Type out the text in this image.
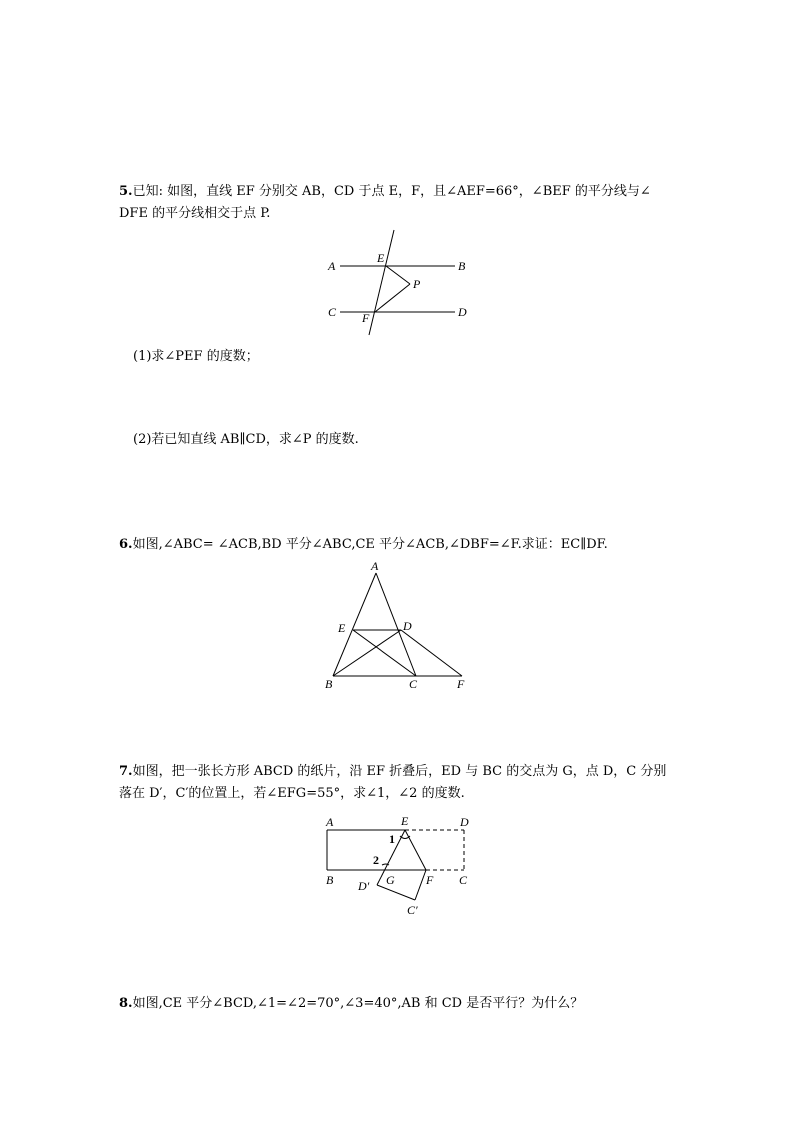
5.已知: 如图，直线 EF 分别交 AB，CD 于点 E，F，且∠AEF=66°，∠BEF 的平分线与∠
DFE 的平分线相交于点 P.
A	B
C	D
E
F
P
(1)求∠PEF 的度数；
(2)若已知直线 AB∥CD，求∠P 的度数.
6.如图,∠ABC= ∠ACB,BD 平分∠ABC,CE 平分∠ACB,∠DBF=∠F.求证：EC∥DF.
A
E	D
B	C	F
7.如图，把一张长方形 ABCD 的纸片，沿 EF 折叠后，ED 与 BC 的交点为 G，点 D，C 分别
落在 D′，C′的位置上，若∠EFG=55°，求∠1，∠2 的度数.
A	E	D
B	C
G	F
D′
C′
1
2
8.如图,CE 平分∠BCD,∠1=∠2=70°,∠3=40°,AB 和 CD 是否平行？为什么？
